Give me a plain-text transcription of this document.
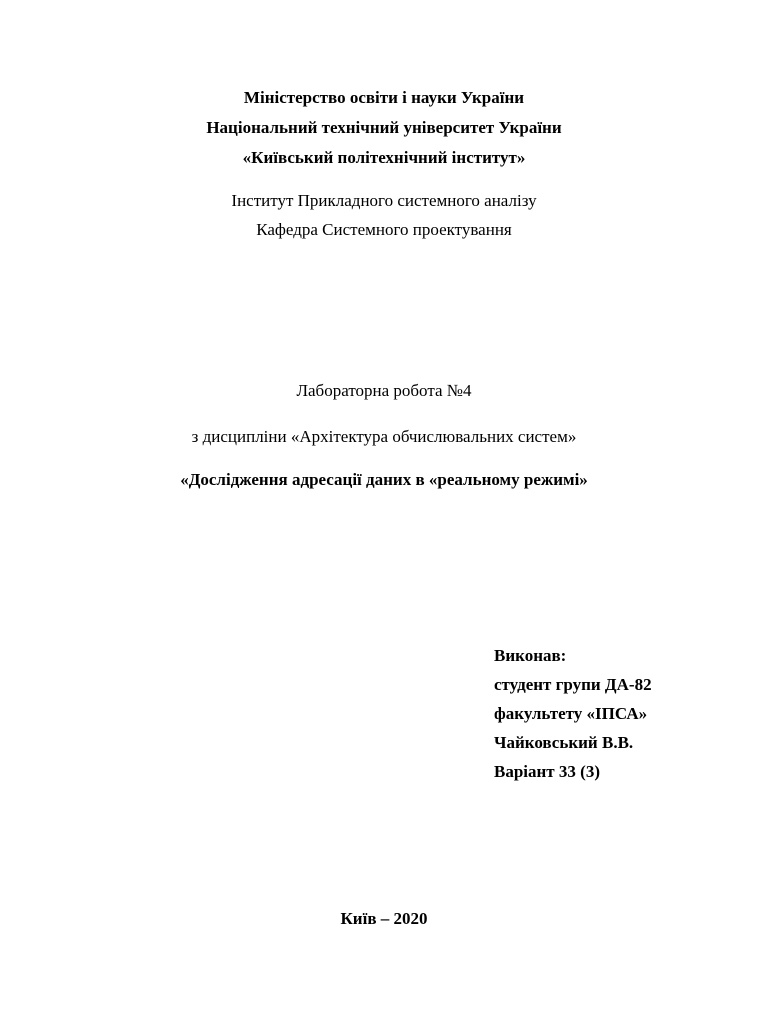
Міністерство освіти і науки України
Національний технічний університет України
«Київський політехнічний інститут»
Інститут Прикладного системного аналізу
Кафедра Системного проектування
Лабораторна робота №4
з дисципліни «Архітектура обчислювальних систем»
«Дослідження адресації даних в «реальному режимі»
Виконав:
студент групи ДА-82
факультету «ІПСА»
Чайковський В.В.
Варіант 33 (3)
Київ – 2020
